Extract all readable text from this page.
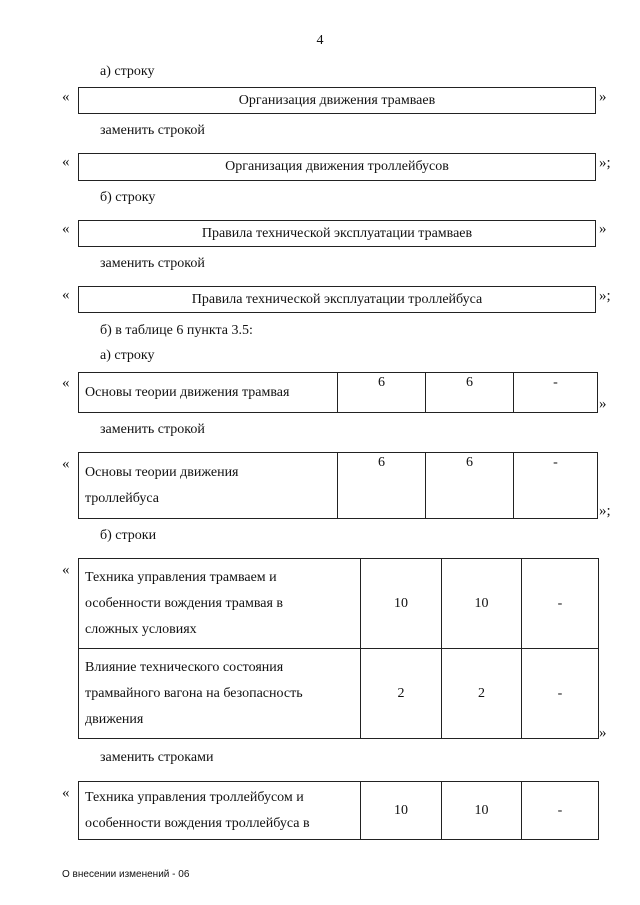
4
а) строку
«	Организация движения трамваев	»
заменить строкой
«	Организация движения троллейбусов	»;
б) строку
«	Правила технической эксплуатации трамваев	»
заменить строкой
«	Правила технической эксплуатации троллейбуса	»;
б) в таблице 6 пункта 3.5:
а) строку
«
Основы теории движения трамвая	6	6	-
»
заменить строкой
« Основы теории движения
троллейбуса
	6	6	-
»;
б) строки
« Техника управления трамваем и
особенности вождения трамвая в
сложных условиях	10	10	-

Влияние технического состояния
трамвайного вагона на безопасность
движения	2	2	-
»
заменить строками
« Техника управления троллейбусом и
особенности вождения троллейбуса в
	10	10	-
О внесении изменений - 06
